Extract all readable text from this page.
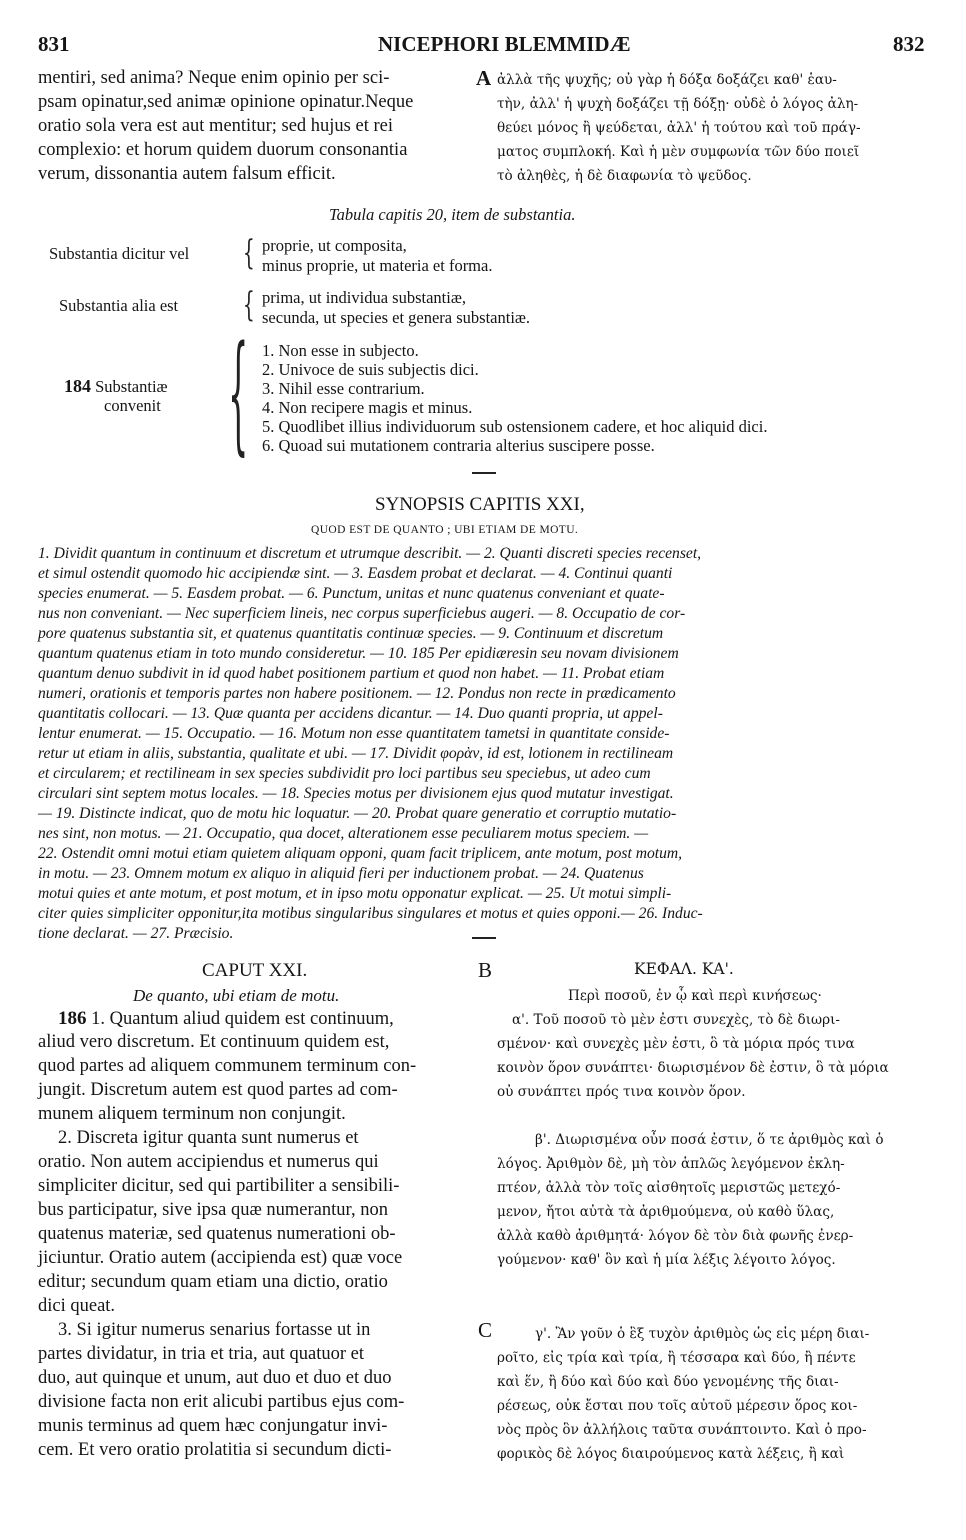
831	NICEPHORI BLEMMIDÆ	832
mentiri, sed anima? Neque enim opinio per sci-
psam opinatur,sed animæ opinione opinatur.Neque
oratio sola vera est aut mentitur; sed hujus et rei
complexio: et horum quidem duorum consonantia
verum, dissonantia autem falsum efficit.
A ἀλλὰ τῆς ψυχῆς; οὐ γὰρ ἡ δόξα δοξάζει καθ' ἑαυ-
τὴν, ἀλλ' ἡ ψυχὴ δοξάζει τῇ δόξῃ· οὐδὲ ὁ λόγος ἀλη-
θεύει μόνος ἢ ψεύδεται, ἀλλ' ἡ τούτου καὶ τοῦ πράγ-
ματος συμπλοκή. Καὶ ἡ μὲν συμφωνία τῶν δύο ποιεῖ
τὸ ἀληθὲς, ἡ δὲ διαφωνία τὸ ψεῦδος.
Tabula capitis 20, item de substantia.
Substantia dicitur vel { proprie, ut composita,
minus proprie, ut materia et forma.
Substantia alia est { prima, ut individua substantiæ,
secunda, ut species et genera substantiæ.
184 Substantiæ
convenit { 1. Non esse in subjecto.
2. Univoce de suis subjectis dici.
3. Nihil esse contrarium.
4. Non recipere magis et minus.
5. Quodlibet illius individuorum sub ostensionem cadere, et hoc aliquid dici.
6. Quoad sui mutationem contraria alterius suscipere posse.
SYNOPSIS CAPITIS XXI,
QUOD EST DE QUANTO ; UBI ETIAM DE MOTU.
1. Dividit quantum in continuum et discretum et utrumque describit. — 2. Quanti discreti species recenset,
et simul ostendit quomodo hic accipiendæ sint. — 3. Easdem probat et declarat. — 4. Continui quanti
species enumerat. — 5. Easdem probat. — 6. Punctum, unitas et nunc quatenus conveniant et quate-
nus non conveniant. — Nec superficiem lineis, nec corpus superficiebus augeri. — 8. Occupatio de cor-
pore quatenus substantia sit, et quatenus quantitatis continuæ species. — 9. Continuum et discretum
quantum quatenus etiam in toto mundo consideretur. — 10. 185 Per epidiæresin seu novam divisionem
quantum denuo subdivit in id quod habet positionem partium et quod non habet. — 11. Probat etiam
numeri, orationis et temporis partes non habere positionem. — 12. Pondus non recte in prædicamento
quantitatis collocari. — 13. Quæ quanta per accidens dicantur. — 14. Duo quanti propria, ut appel-
lentur enumerat. — 15. Occupatio. — 16. Motum non esse quantitatem tametsi in quantitate conside-
retur ut etiam in aliis, substantia, qualitate et ubi. — 17. Dividit φορὰν, id est, lotionem in rectilineam
et circularem; et rectilineam in sex species subdividit pro loci partibus seu speciebus, ut adeo cum
circulari sint septem motus locales. — 18. Species motus per divisionem ejus quod mutatur investigat.
— 19. Distincte indicat, quo de motu hic loquatur. — 20. Probat quare generatio et corruptio mutatio-
nes sint, non motus. — 21. Occupatio, qua docet, alterationem esse peculiarem motus speciem. —
22. Ostendit omni motui etiam quietem aliquam opponi, quam facit triplicem, ante motum, post motum,
in motu. — 23. Omnem motum ex aliquo in aliquid fieri per inductionem probat. — 24. Quatenus
motui quies et ante motum, et post motum, et in ipso motu opponatur explicat. — 25. Ut motui simpli-
citer quies simpliciter opponitur,ita motibus singularibus singulares et motus et quies opponi.— 26. Induc-
tione declarat. — 27. Præcisio.
CAPUT XXI.
De quanto, ubi etiam de motu.
186 1. Quantum aliud quidem est continuum,
aliud vero discretum. Et continuum quidem est,
quod partes ad aliquem communem terminum con-
jungit. Discretum autem est quod partes ad com-
munem aliquem terminum non conjungit.
2. Discreta igitur quanta sunt numerus et
oratio. Non autem accipiendus et numerus qui
simpliciter dicitur, sed qui partibiliter a sensibili-
bus participatur, sive ipsa quæ numerantur, non
quatenus materiæ, sed quatenus numerationi ob-
jiciuntur. Oratio autem (accipienda est) quæ voce
editur; secundum quam etiam una dictio, oratio
dici queat.
3. Si igitur numerus senarius fortasse ut in
partes dividatur, in tria et tria, aut quatuor et
duo, aut quinque et unum, aut duo et duo et duo
divisione facta non erit alicubi partibus ejus com-
munis terminus ad quem hæc conjungatur invi-
cem. Et vero oratio prolatitia si secundum dicti-
B
C
ΚΕΦΑΛ. ΚΑ'.
Περὶ ποσοῦ, ἐν ᾧ καὶ περὶ κινήσεως·
α'. Τοῦ ποσοῦ τὸ μὲν ἐστι συνεχὲς, τὸ δὲ διωρι-
σμένον· καὶ συνεχὲς μὲν ἐστι, ὃ τὰ μόρια πρός τινα
κοινὸν ὅρον συνάπτει· διωρισμένον δὲ ἐστιν, ὃ τὰ μόρια
οὐ συνάπτει πρός τινα κοινὸν ὅρον.
β'. Διωρισμένα οὖν ποσά ἐστιν, ὅ τε ἀριθμὸς καὶ ὁ
λόγος. Ἀριθμὸν δὲ, μὴ τὸν ἁπλῶς λεγόμενον ἐκλη-
πτέον, ἀλλὰ τὸν τοῖς αἰσθητοῖς μεριστῶς μετεχό-
μενον, ἤτοι αὐτὰ τὰ ἀριθμούμενα, οὐ καθὸ ὕλας,
ἀλλὰ καθὸ ἀριθμητά· λόγον δὲ τὸν διὰ φωνῆς ἐνερ-
γούμενον· καθ' ὃν καὶ ἡ μία λέξις λέγοιτο λόγος.
γ'. Ἂν γοῦν ὁ ἓξ τυχὸν ἀριθμὸς ὡς εἰς μέρη διαι-
ροῖτο, εἰς τρία καὶ τρία, ἢ τέσσαρα καὶ δύο, ἢ πέντε
καὶ ἕν, ἢ δύο καὶ δύο καὶ δύο γενομένης τῆς διαι-
ρέσεως, οὐκ ἔσται που τοῖς αὐτοῦ μέρεσιν ὅρος κοι-
νὸς πρὸς ὃν ἀλλήλοις ταῦτα συνάπτοιντο. Καὶ ὁ προ-
φορικὸς δὲ λόγος διαιρούμενος κατὰ λέξεις, ἢ καὶ
